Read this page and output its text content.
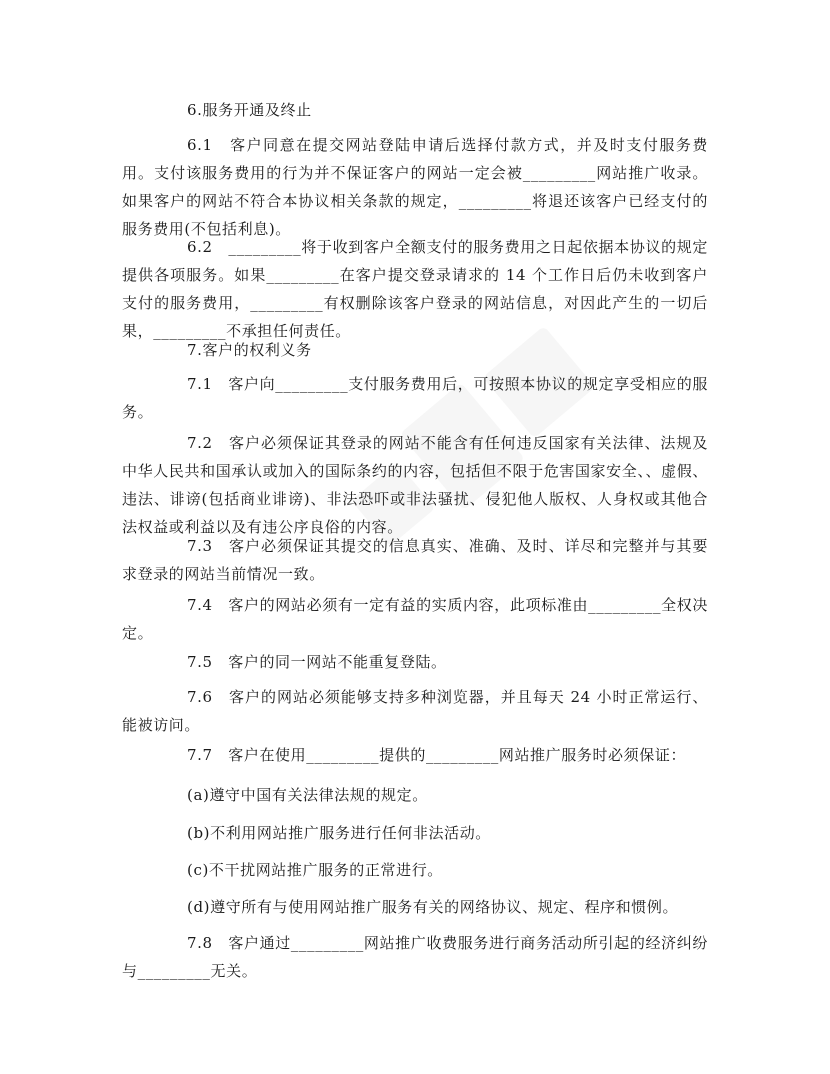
6.服务开通及终止

6.1　客户同意在提交网站登陆申请后选择付款方式，并及时支付服务费用。支付该服务费用的行为并不保证客户的网站一定会被_________网站推广收录。如果客户的网站不符合本协议相关条款的规定，_________将退还该客户已经支付的服务费用(不包括利息)。

6.2　_________将于收到客户全额支付的服务费用之日起依据本协议的规定提供各项服务。如果_________在客户提交登录请求的 14 个工作日后仍未收到客户支付的服务费用，_________有权删除该客户登录的网站信息，对因此产生的一切后果，_________不承担任何责任。

7.客户的权利义务

7.1　客户向_________支付服务费用后，可按照本协议的规定享受相应的服务。

7.2　客户必须保证其登录的网站不能含有任何违反国家有关法律、法规及中华人民共和国承认或加入的国际条约的内容，包括但不限于危害国家安全、、虚假、违法、诽谤(包括商业诽谤)、非法恐吓或非法骚扰、侵犯他人版权、人身权或其他合法权益或利益以及有违公序良俗的内容。

7.3　客户必须保证其提交的信息真实、准确、及时、详尽和完整并与其要求登录的网站当前情况一致。

7.4　客户的网站必须有一定有益的实质内容，此项标准由_________全权决定。

7.5　客户的同一网站不能重复登陆。

7.6　客户的网站必须能够支持多种浏览器，并且每天 24 小时正常运行、能被访问。

7.7　客户在使用_________提供的_________网站推广服务时必须保证：

(a)遵守中国有关法律法规的规定。

(b)不利用网站推广服务进行任何非法活动。

(c)不干扰网站推广服务的正常进行。

(d)遵守所有与使用网站推广服务有关的网络协议、规定、程序和惯例。

7.8　客户通过_________网站推广收费服务进行商务活动所引起的经济纠纷与_________无关。
